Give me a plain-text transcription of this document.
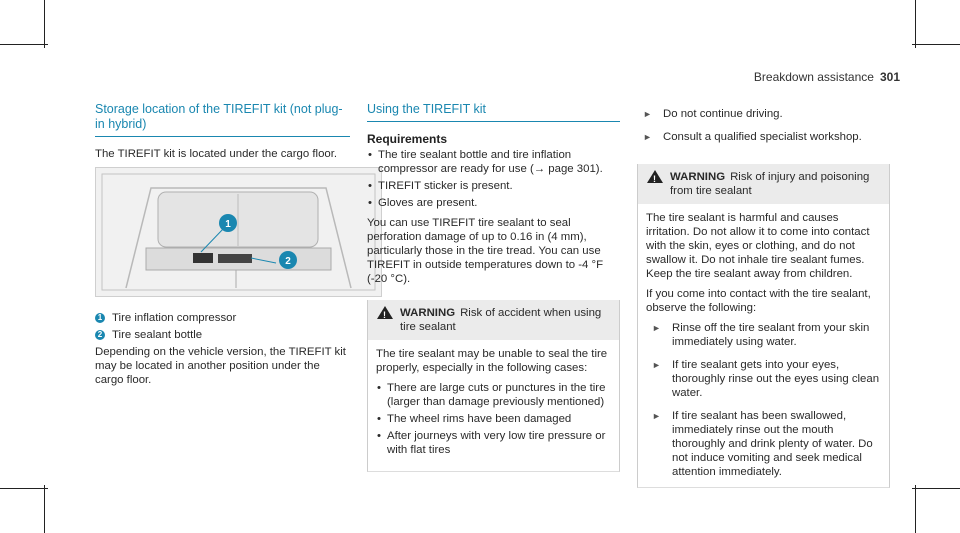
Breakdown assistance 301
Storage location of the TIREFIT kit (not plug-in hybrid)

The TIREFIT kit is located under the cargo floor.

1
2
1 Tire inflation compressor
2 Tire sealant bottle

Depending on the vehicle version, the TIREFIT kit may be located in another position under the cargo floor.

Using the TIREFIT kit
Requirements
• The tire sealant bottle and tire inflation compressor are ready for use (→ page 301).
• TIREFIT sticker is present.
• Gloves are present.

You can use TIREFIT tire sealant to seal perforation damage of up to 0.16 in (4 mm), particularly those in the tire tread. You can use TIREFIT in outside temperatures down to -4 °F (-20 °C).

!
WARNING Risk of accident when using tire sealant

The tire sealant may be unable to seal the tire properly, especially in the following cases:

• There are large cuts or punctures in the tire (larger than damage previously mentioned)
• The wheel rims have been damaged
• After journeys with very low tire pressure or with flat tires
► Do not continue driving.
► Consult a qualified specialist workshop.
!
WARNING Risk of injury and poisoning from tire sealant

The tire sealant is harmful and causes irritation. Do not allow it to come into contact with the skin, eyes or clothing, and do not swallow it. Do not inhale tire sealant fumes. Keep the tire sealant away from children.

If you come into contact with the tire sealant, observe the following:

► Rinse off the tire sealant from your skin immediately using water.
► If tire sealant gets into your eyes, thoroughly rinse out the eyes using clean water.
► If tire sealant has been swallowed, immediately rinse out the mouth thoroughly and drink plenty of water. Do not induce vomiting and seek medical attention immediately.
